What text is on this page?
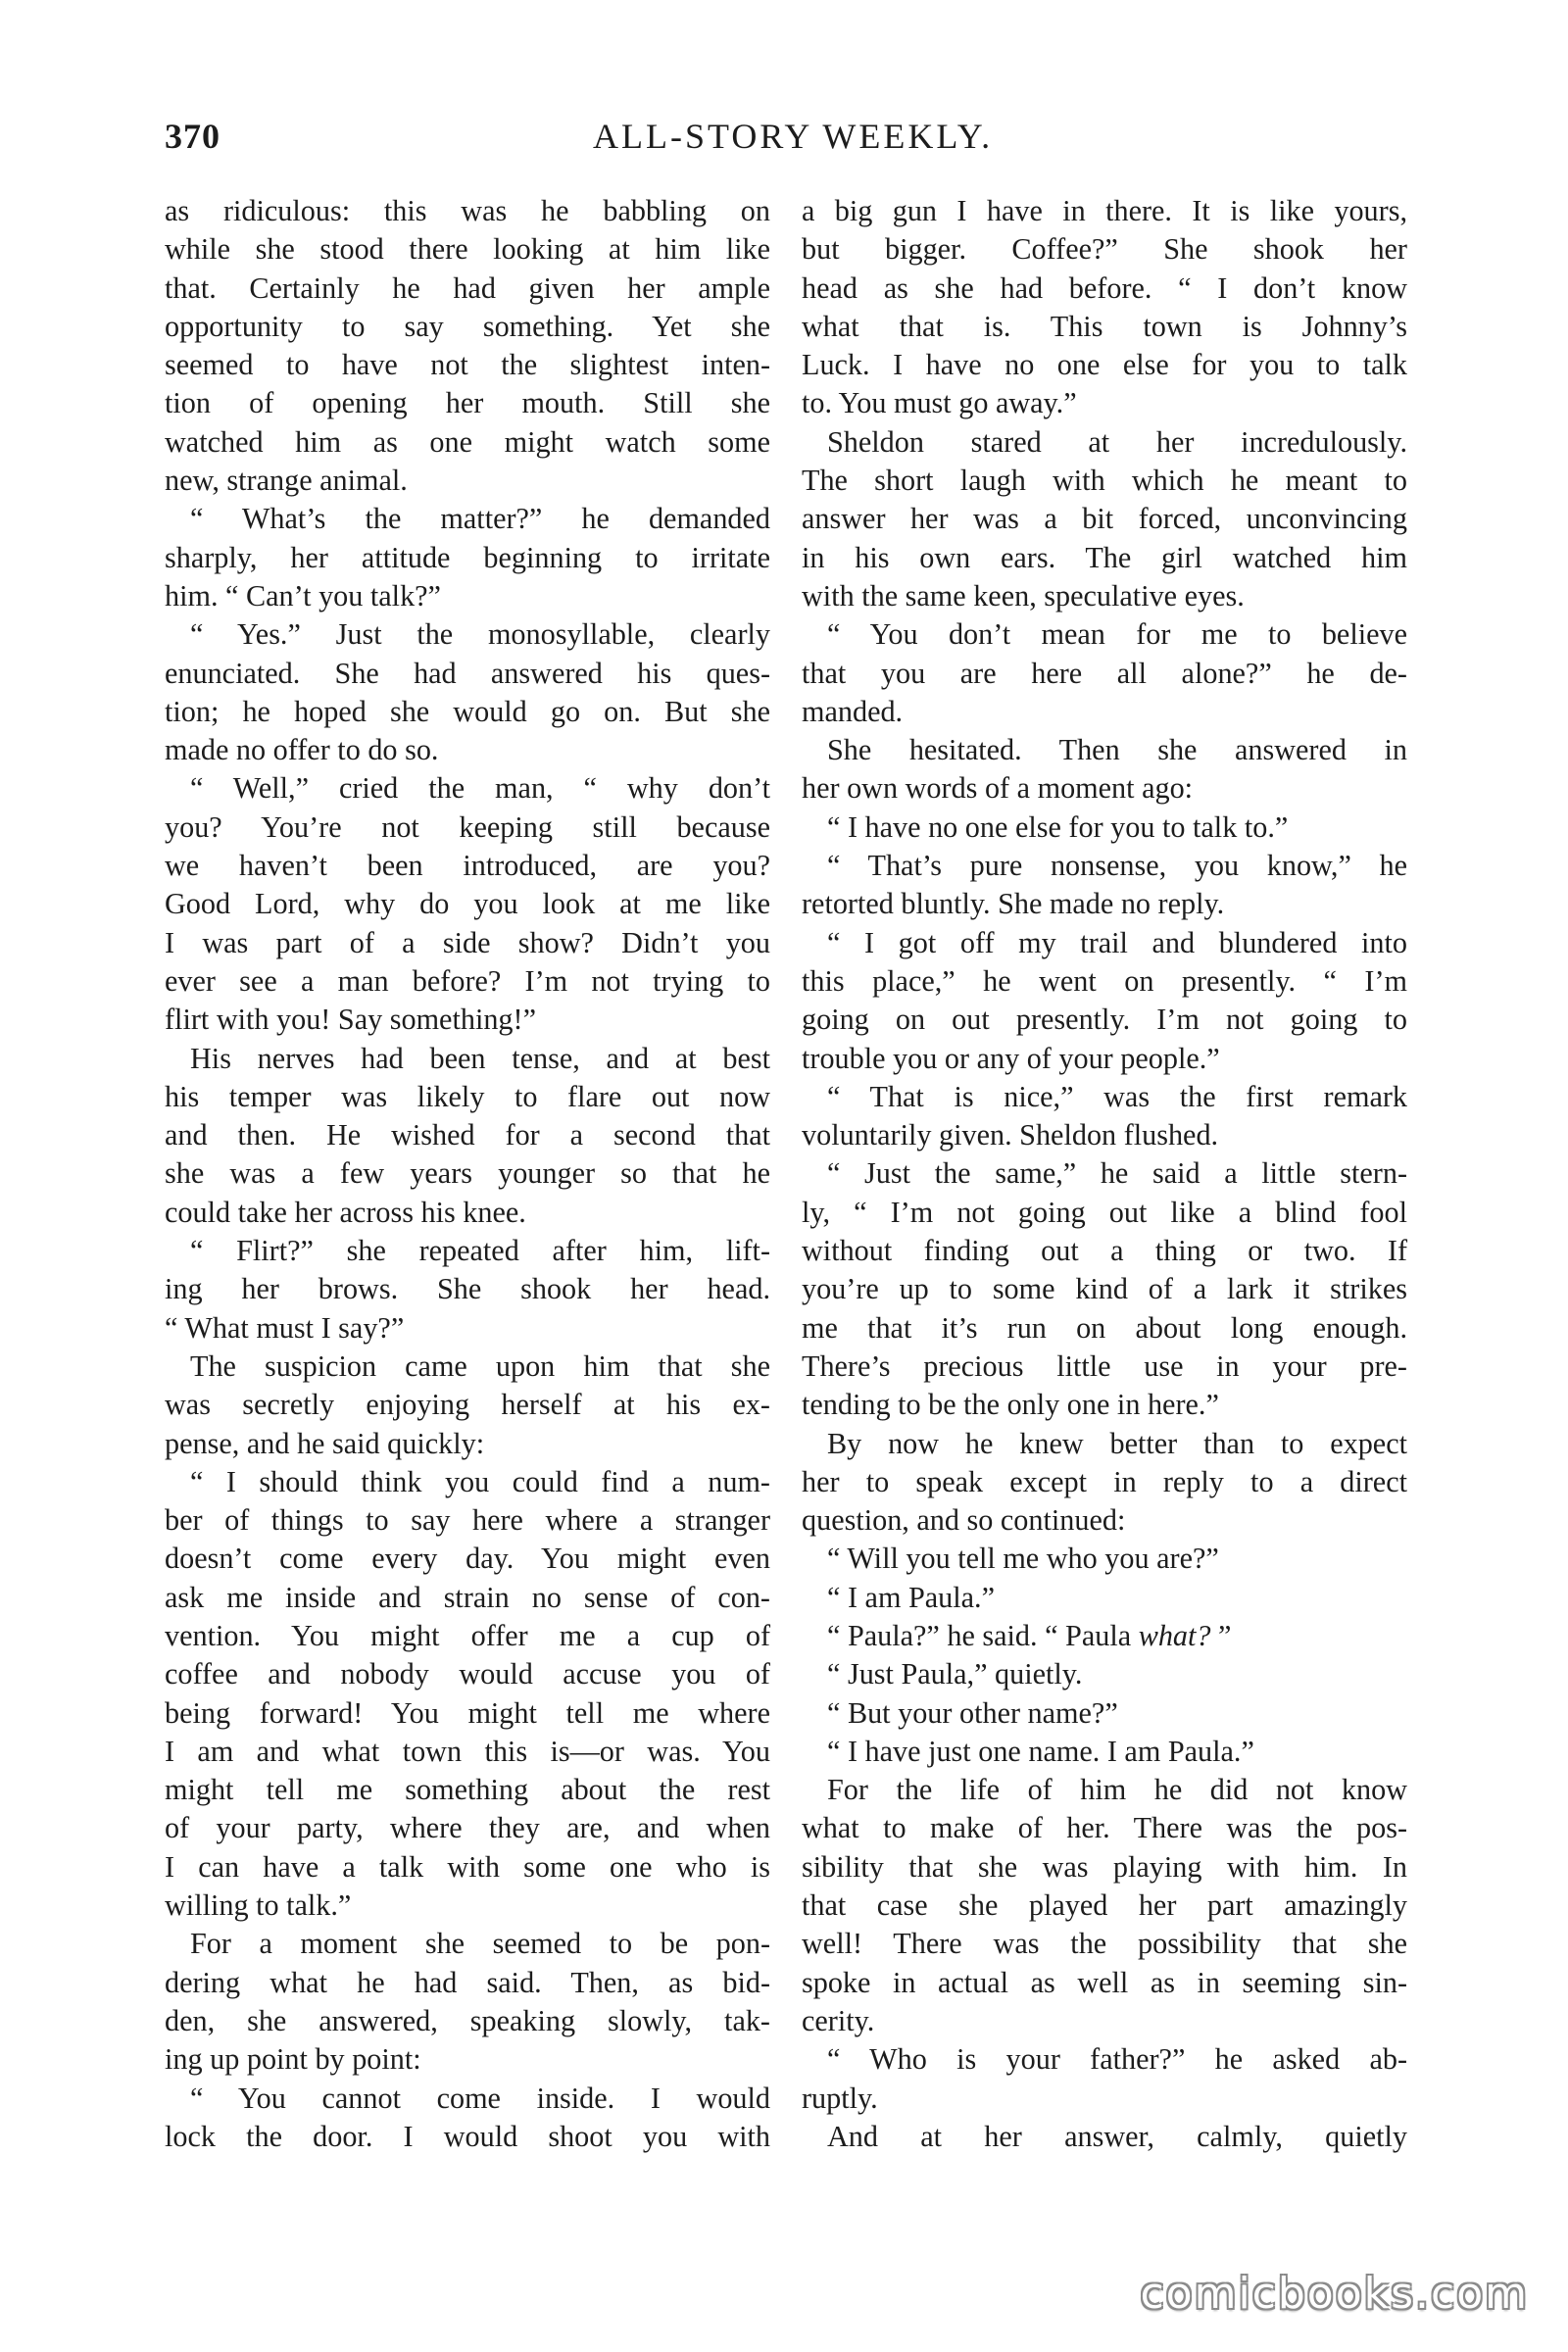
370	ALL-STORY WEEKLY.
as ridiculous: this was he babbling on
while she stood there looking at him like
that. Certainly he had given her ample
opportunity to say something. Yet she
seemed to have not the slightest inten-
tion of opening her mouth. Still she
watched him as one might watch some
new, strange animal.
“ What’s the matter?” he demanded
sharply, her attitude beginning to irritate
him. “ Can’t you talk?”
“ Yes.” Just the monosyllable, clearly
enunciated. She had answered his ques-
tion; he hoped she would go on. But she
made no offer to do so.
“ Well,” cried the man, “ why don’t
you? You’re not keeping still because
we haven’t been introduced, are you?
Good Lord, why do you look at me like
I was part of a side show? Didn’t you
ever see a man before? I’m not trying to
flirt with you! Say something!”
His nerves had been tense, and at best
his temper was likely to flare out now
and then. He wished for a second that
she was a few years younger so that he
could take her across his knee.
“ Flirt?” she repeated after him, lift-
ing her brows. She shook her head.
“ What must I say?”
The suspicion came upon him that she
was secretly enjoying herself at his ex-
pense, and he said quickly:
“ I should think you could find a num-
ber of things to say here where a stranger
doesn’t come every day. You might even
ask me inside and strain no sense of con-
vention. You might offer me a cup of
coffee and nobody would accuse you of
being forward! You might tell me where
I am and what town this is—or was. You
might tell me something about the rest
of your party, where they are, and when
I can have a talk with some one who is
willing to talk.”
For a moment she seemed to be pon-
dering what he had said. Then, as bid-
den, she answered, speaking slowly, tak-
ing up point by point:
“ You cannot come inside. I would
lock the door. I would shoot you with
a big gun I have in there. It is like yours,
but bigger. Coffee?” She shook her
head as she had before. “ I don’t know
what that is. This town is Johnny’s
Luck. I have no one else for you to talk
to. You must go away.”
Sheldon stared at her incredulously.
The short laugh with which he meant to
answer her was a bit forced, unconvincing
in his own ears. The girl watched him
with the same keen, speculative eyes.
“ You don’t mean for me to believe
that you are here all alone?” he de-
manded.
She hesitated. Then she answered in
her own words of a moment ago:
“ I have no one else for you to talk to.”
“ That’s pure nonsense, you know,” he
retorted bluntly. She made no reply.
“ I got off my trail and blundered into
this place,” he went on presently. “ I’m
going on out presently. I’m not going to
trouble you or any of your people.”
“ That is nice,” was the first remark
voluntarily given. Sheldon flushed.
“ Just the same,” he said a little stern-
ly, “ I’m not going out like a blind fool
without finding out a thing or two. If
you’re up to some kind of a lark it strikes
me that it’s run on about long enough.
There’s precious little use in your pre-
tending to be the only one in here.”
By now he knew better than to expect
her to speak except in reply to a direct
question, and so continued:
“ Will you tell me who you are?”
“ I am Paula.”
“ Paula?” he said. “ Paula what? ”
“ Just Paula,” quietly.
“ But your other name?”
“ I have just one name. I am Paula.”
For the life of him he did not know
what to make of her. There was the pos-
sibility that she was playing with him. In
that case she played her part amazingly
well! There was the possibility that she
spoke in actual as well as in seeming sin-
cerity.
“ Who is your father?” he asked ab-
ruptly.
And at her answer, calmly, quietly
comicbooks.com
